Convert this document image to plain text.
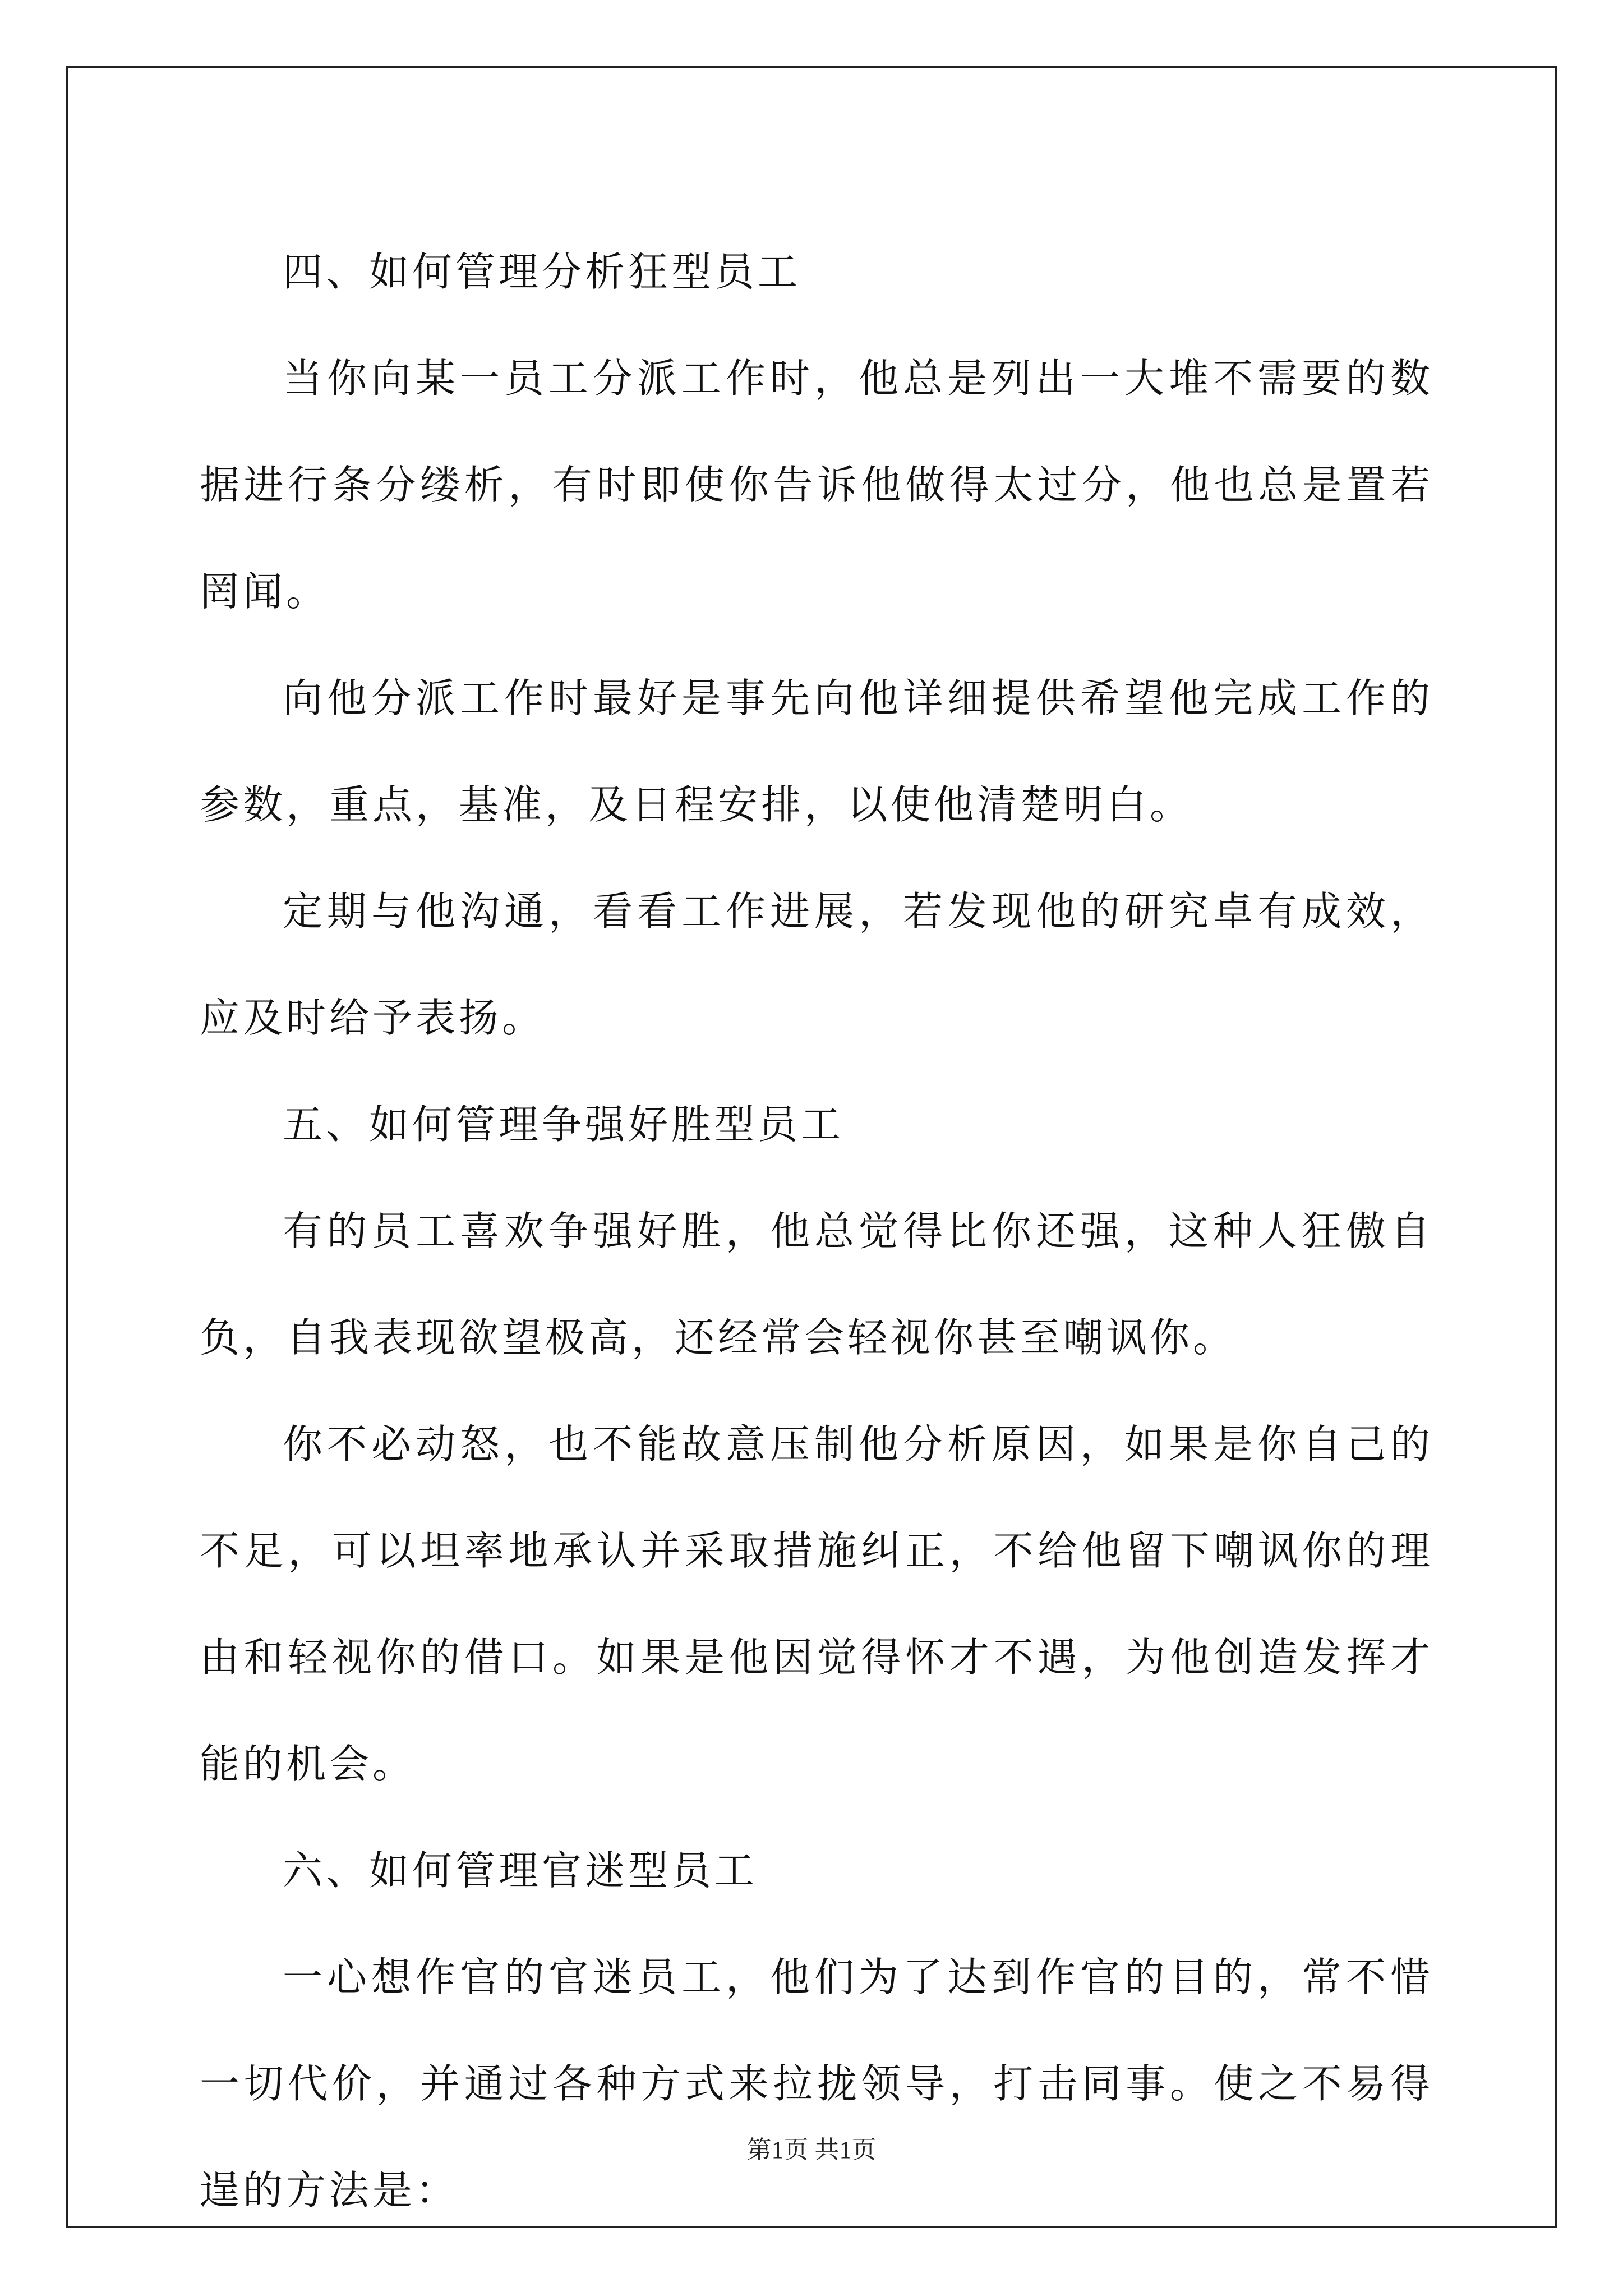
四、如何管理分析狂型员工

当你向某一员工分派工作时，他总是列出一大堆不需要的数据进行条分缕析，有时即使你告诉他做得太过分，他也总是置若罔闻。

向他分派工作时最好是事先向他详细提供希望他完成工作的参数，重点，基准，及日程安排，以使他清楚明白。

定期与他沟通，看看工作进展，若发现他的研究卓有成效，应及时给予表扬。

五、如何管理争强好胜型员工

有的员工喜欢争强好胜，他总觉得比你还强，这种人狂傲自负，自我表现欲望极高，还经常会轻视你甚至嘲讽你。

你不必动怒，也不能故意压制他分析原因，如果是你自己的不足，可以坦率地承认并采取措施纠正，不给他留下嘲讽你的理由和轻视你的借口。如果是他因觉得怀才不遇，为他创造发挥才能的机会。

六、如何管理官迷型员工

一心想作官的官迷员工，他们为了达到作官的目的，常不惜一切代价，并通过各种方式来拉拢领导，打击同事。使之不易得逞的方法是：

第1页 共1页
